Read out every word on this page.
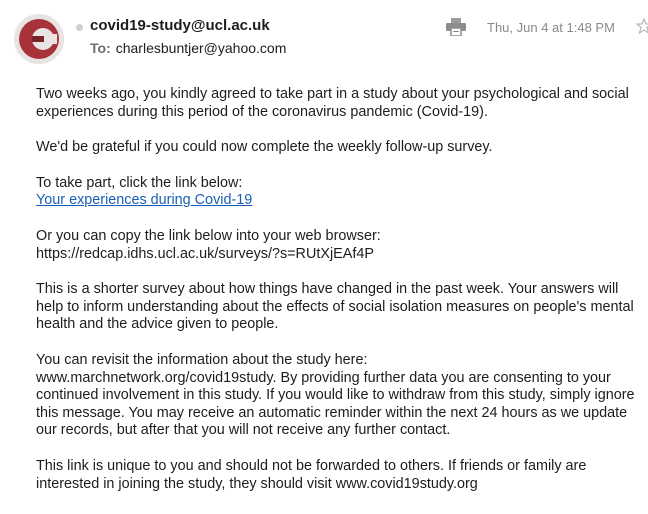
covid19-study@ucl.ac.uk
To: charlesbuntjer@yahoo.com
Thu, Jun 4 at 1:48 PM

Two weeks ago, you kindly agreed to take part in a study about your psychological and social experiences during this period of the coronavirus pandemic (Covid-19).

We'd be grateful if you could now complete the weekly follow-up survey.

To take part, click the link below:
Your experiences during Covid-19

Or you can copy the link below into your web browser:
https://redcap.idhs.ucl.ac.uk/surveys/?s=RUtXjEAf4P

This is a shorter survey about how things have changed in the past week. Your answers will help to inform understanding about the effects of social isolation measures on people's mental health and the advice given to people.

You can revisit the information about the study here:
www.marchnetwork.org/covid19study. By providing further data you are consenting to your continued involvement in this study. If you would like to withdraw from this study, simply ignore this message. You may receive an automatic reminder within the next 24 hours as we update our records, but after that you will not receive any further contact.

This link is unique to you and should not be forwarded to others. If friends or family are interested in joining the study, they should visit www.covid19study.org
